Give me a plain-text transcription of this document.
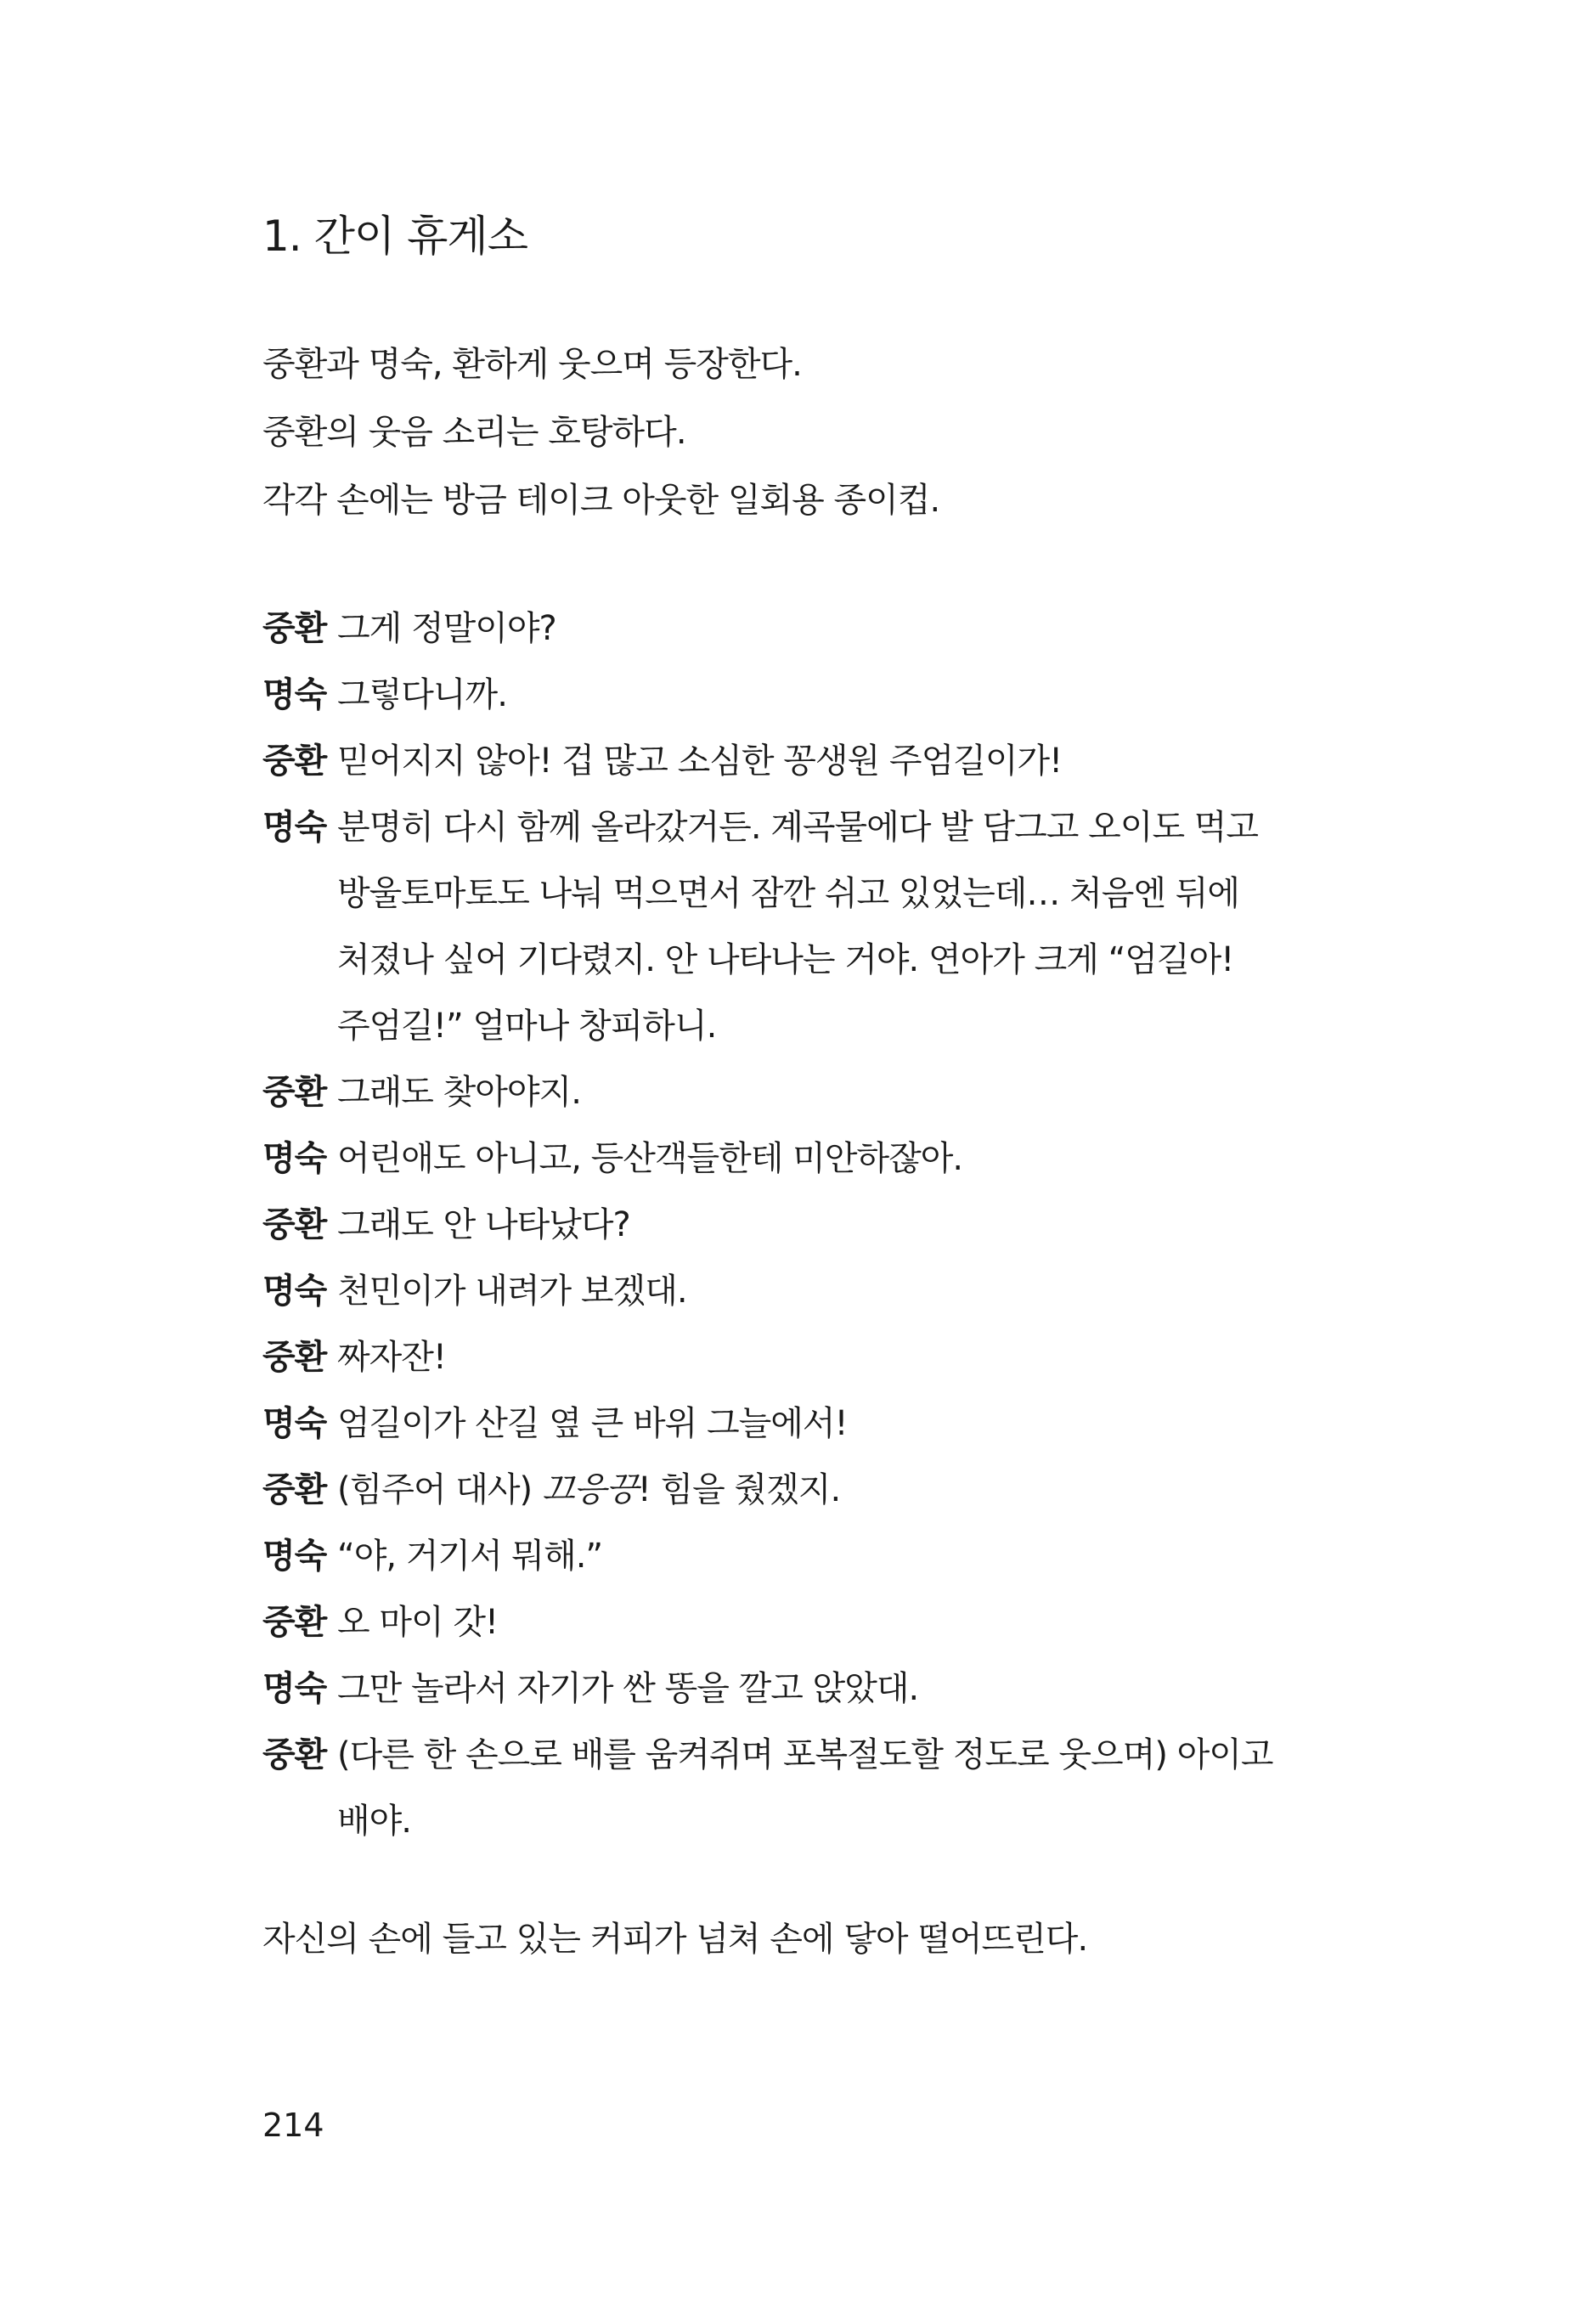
1. 간이 휴게소

중환과 명숙, 환하게 웃으며 등장한다.

중환의 웃음 소리는 호탕하다.

각각 손에는 방금 테이크 아웃한 일회용 종이컵.

중환 그게 정말이야?
명숙 그렇다니까.
중환 믿어지지 않아! 겁 많고 소심한 꽁생원 주엄길이가!
명숙 분명히 다시 함께 올라갔거든. 계곡물에다 발 담그고 오이도 먹고 방울토마토도 나눠 먹으면서 잠깐 쉬고 있었는데… 처음엔 뒤에 처졌나 싶어 기다렸지. 안 나타나는 거야. 연아가 크게 “엄길아! 주엄길!” 얼마나 창피하니.
중환 그래도 찾아야지.
명숙 어린애도 아니고, 등산객들한테 미안하잖아.
중환 그래도 안 나타났다?
명숙 천민이가 내려가 보겠대.
중환 짜자잔!
명숙 엄길이가 산길 옆 큰 바위 그늘에서!
중환 (힘주어 대사) 끄응끙! 힘을 줬겠지.
명숙 “야, 거기서 뭐해.”
중환 오 마이 갓!
명숙 그만 놀라서 자기가 싼 똥을 깔고 앉았대.
중환 (다른 한 손으로 배를 움켜쥐며 포복절도할 정도로 웃으며) 아이고 배야.

자신의 손에 들고 있는 커피가 넘쳐 손에 닿아 떨어뜨린다.

214
